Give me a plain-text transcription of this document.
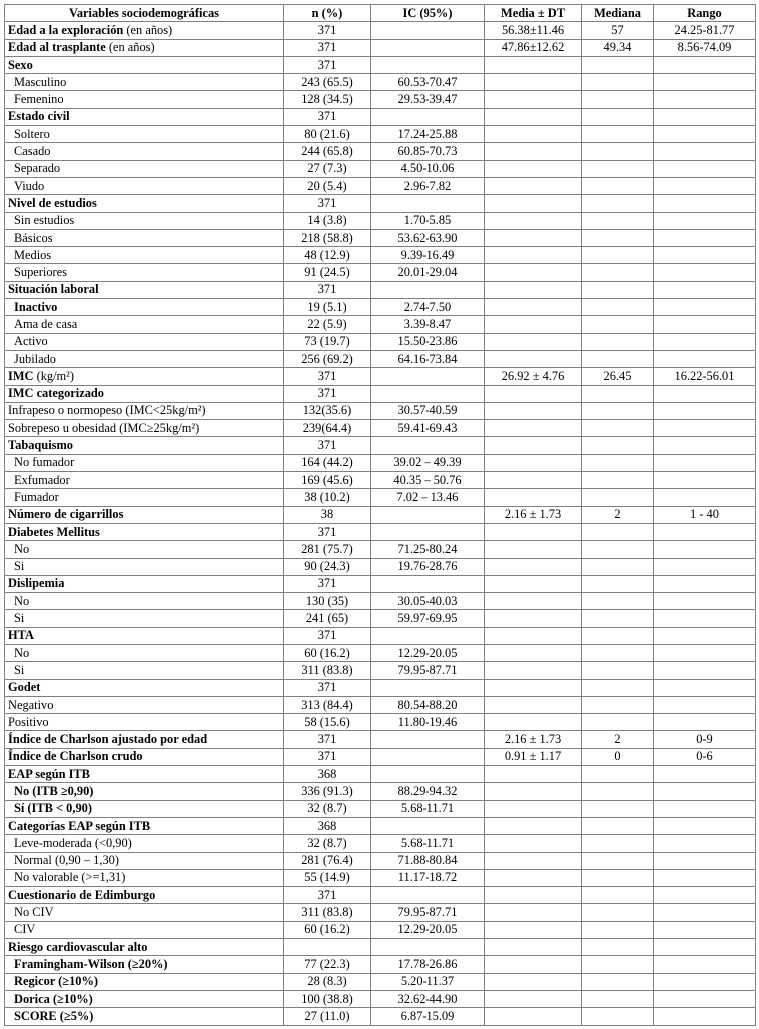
Variables sociodemográficas	n (%)	IC (95%)	Media ± DT	Mediana	Rango
Edad a la exploración (en años)	371		56.38±11.46	57	24.25-81.77
Edad al trasplante (en años)	371		47.86±12.62	49.34	8.56-74.09
Sexo	371				
Masculino	243 (65.5)	60.53-70.47			
Femenino	128 (34.5)	29.53-39.47			
Estado civil	371				
Soltero	80 (21.6)	17.24-25.88			
Casado	244 (65.8)	60.85-70.73			
Separado	27 (7.3)	4.50-10.06			
Viudo	20 (5.4)	2.96-7.82			
Nivel de estudios	371				
Sin estudios	14 (3.8)	1.70-5.85			
Básicos	218 (58.8)	53.62-63.90			
Medios	48 (12.9)	9.39-16.49			
Superiores	91 (24.5)	20.01-29.04			
Situación laboral	371				
Inactivo	19 (5.1)	2.74-7.50			
Ama de casa	22 (5.9)	3.39-8.47			
Activo	73 (19.7)	15.50-23.86			
Jubilado	256 (69.2)	64.16-73.84			
IMC (kg/m²)	371		26.92 ± 4.76	26.45	16.22-56.01
IMC categorizado	371				
Infrapeso o normopeso (IMC<25kg/m²)	132(35.6)	30.57-40.59			
Sobrepeso u obesidad (IMC≥25kg/m²)	239(64.4)	59.41-69.43			
Tabaquismo	371				
No fumador	164 (44.2)	39.02 – 49.39			
Exfumador	169 (45.6)	40.35 – 50.76			
Fumador	38 (10.2)	7.02 – 13.46			
Número de cigarrillos	38		2.16 ± 1.73	2	1 - 40
Diabetes Mellitus	371				
No	281 (75.7)	71.25-80.24			
Si	90 (24.3)	19.76-28.76			
Dislipemia	371				
No	130 (35)	30.05-40.03			
Si	241 (65)	59.97-69.95			
HTA	371				
No	60 (16.2)	12.29-20.05			
Si	311 (83.8)	79.95-87.71			
Godet	371				
Negativo	313 (84.4)	80.54-88.20			
Positivo	58 (15.6)	11.80-19.46			
Índice de Charlson ajustado por edad	371		2.16 ± 1.73	2	0-9
Índice de Charlson crudo	371		0.91 ± 1.17	0	0-6
EAP según ITB	368				
No (ITB ≥0,90)	336 (91.3)	88.29-94.32			
Sí (ITB < 0,90)	32 (8.7)	5.68-11.71			
Categorías EAP según ITB	368				
Leve-moderada (<0,90)	32 (8.7)	5.68-11.71			
Normal (0,90 – 1,30)	281 (76.4)	71.88-80.84			
No valorable (>=1,31)	55 (14.9)	11.17-18.72			
Cuestionario de Edimburgo	371				
No CIV	311 (83.8)	79.95-87.71			
CIV	60 (16.2)	12.29-20.05			
Riesgo cardiovascular alto					
Framingham-Wilson (≥20%)	77 (22.3)	17.78-26.86			
Regicor (≥10%)	28 (8.3)	5.20-11.37			
Dorica (≥10%)	100 (38.8)	32.62-44.90			
SCORE (≥5%)	27 (11.0)	6.87-15.09			
